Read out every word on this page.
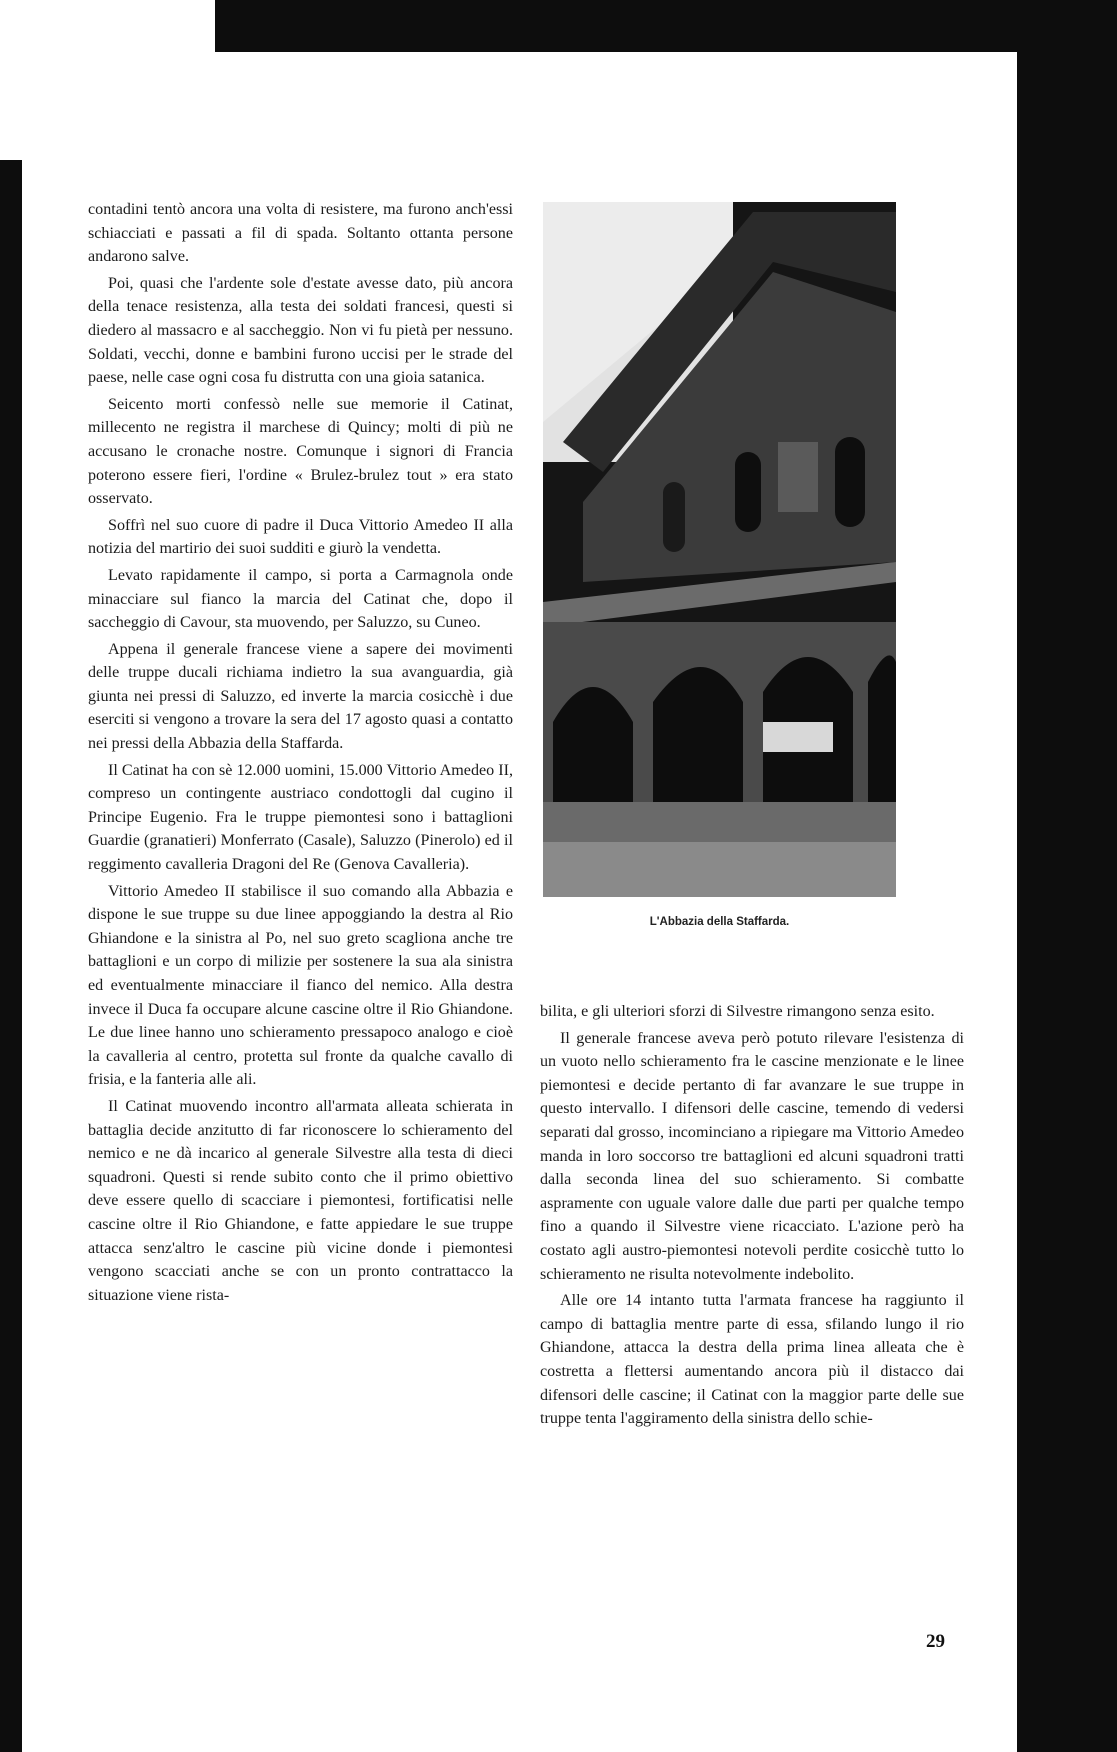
contadini tentò ancora una volta di resistere, ma furono anch'essi schiacciati e passati a fil di spada. Soltanto ottanta persone andarono salve.

Poi, quasi che l'ardente sole d'estate avesse dato, più ancora della tenace resistenza, alla testa dei soldati francesi, questi si diedero al massacro e al saccheggio. Non vi fu pietà per nessuno. Soldati, vecchi, donne e bambini furono uccisi per le strade del paese, nelle case ogni cosa fu distrutta con una gioia satanica.

Seicento morti confessò nelle sue memorie il Catinat, millecento ne registra il marchese di Quincy; molti di più ne accusano le cronache nostre. Comunque i signori di Francia poterono essere fieri, l'ordine « Brulez-brulez tout » era stato osservato.

Soffrì nel suo cuore di padre il Duca Vittorio Amedeo II alla notizia del martirio dei suoi sudditi e giurò la vendetta.

Levato rapidamente il campo, si porta a Carmagnola onde minacciare sul fianco la marcia del Catinat che, dopo il saccheggio di Cavour, sta muovendo, per Saluzzo, su Cuneo.

Appena il generale francese viene a sapere dei movimenti delle truppe ducali richiama indietro la sua avanguardia, già giunta nei pressi di Saluzzo, ed inverte la marcia cosicchè i due eserciti si vengono a trovare la sera del 17 agosto quasi a contatto nei pressi della Abbazia della Staffarda.

Il Catinat ha con sè 12.000 uomini, 15.000 Vittorio Amedeo II, compreso un contingente austriaco condottogli dal cugino il Principe Eugenio. Fra le truppe piemontesi sono i battaglioni Guardie (granatieri) Monferrato (Casale), Saluzzo (Pinerolo) ed il reggimento cavalleria Dragoni del Re (Genova Cavalleria).

Vittorio Amedeo II stabilisce il suo comando alla Abbazia e dispone le sue truppe su due linee appoggiando la destra al Rio Ghiandone e la sinistra al Po, nel suo greto scagliona anche tre battaglioni e un corpo di milizie per sostenere la sua ala sinistra ed eventualmente minacciare il fianco del nemico. Alla destra invece il Duca fa occupare alcune cascine oltre il Rio Ghiandone. Le due linee hanno uno schieramento pressapoco analogo e cioè la cavalleria al centro, protetta sul fronte da qualche cavallo di frisia, e la fanteria alle ali.

Il Catinat muovendo incontro all'armata alleata schierata in battaglia decide anzitutto di far riconoscere lo schieramento del nemico e ne dà incarico al generale Silvestre alla testa di dieci squadroni. Questi si rende subito conto che il primo obiettivo deve essere quello di scacciare i piemontesi, fortificatisi nelle cascine oltre il Rio Ghiandone, e fatte appiedare le sue truppe attacca senz'altro le cascine più vicine donde i piemontesi vengono scacciati anche se con un pronto contrattacco la situazione viene rista-

L'Abbazia della Staffarda.

bilita, e gli ulteriori sforzi di Silvestre rimangono senza esito.

Il generale francese aveva però potuto rilevare l'esistenza di un vuoto nello schieramento fra le cascine menzionate e le linee piemontesi e decide pertanto di far avanzare le sue truppe in questo intervallo. I difensori delle cascine, temendo di vedersi separati dal grosso, incominciano a ripiegare ma Vittorio Amedeo manda in loro soccorso tre battaglioni ed alcuni squadroni tratti dalla seconda linea del suo schieramento. Si combatte aspramente con uguale valore dalle due parti per qualche tempo fino a quando il Silvestre viene ricacciato. L'azione però ha costato agli austro-piemontesi notevoli perdite cosicchè tutto lo schieramento ne risulta notevolmente indebolito.

Alle ore 14 intanto tutta l'armata francese ha raggiunto il campo di battaglia mentre parte di essa, sfilando lungo il rio Ghiandone, attacca la destra della prima linea alleata che è costretta a flettersi aumentando ancora più il distacco dai difensori delle cascine; il Catinat con la maggior parte delle sue truppe tenta l'aggiramento della sinistra dello schie-

29
